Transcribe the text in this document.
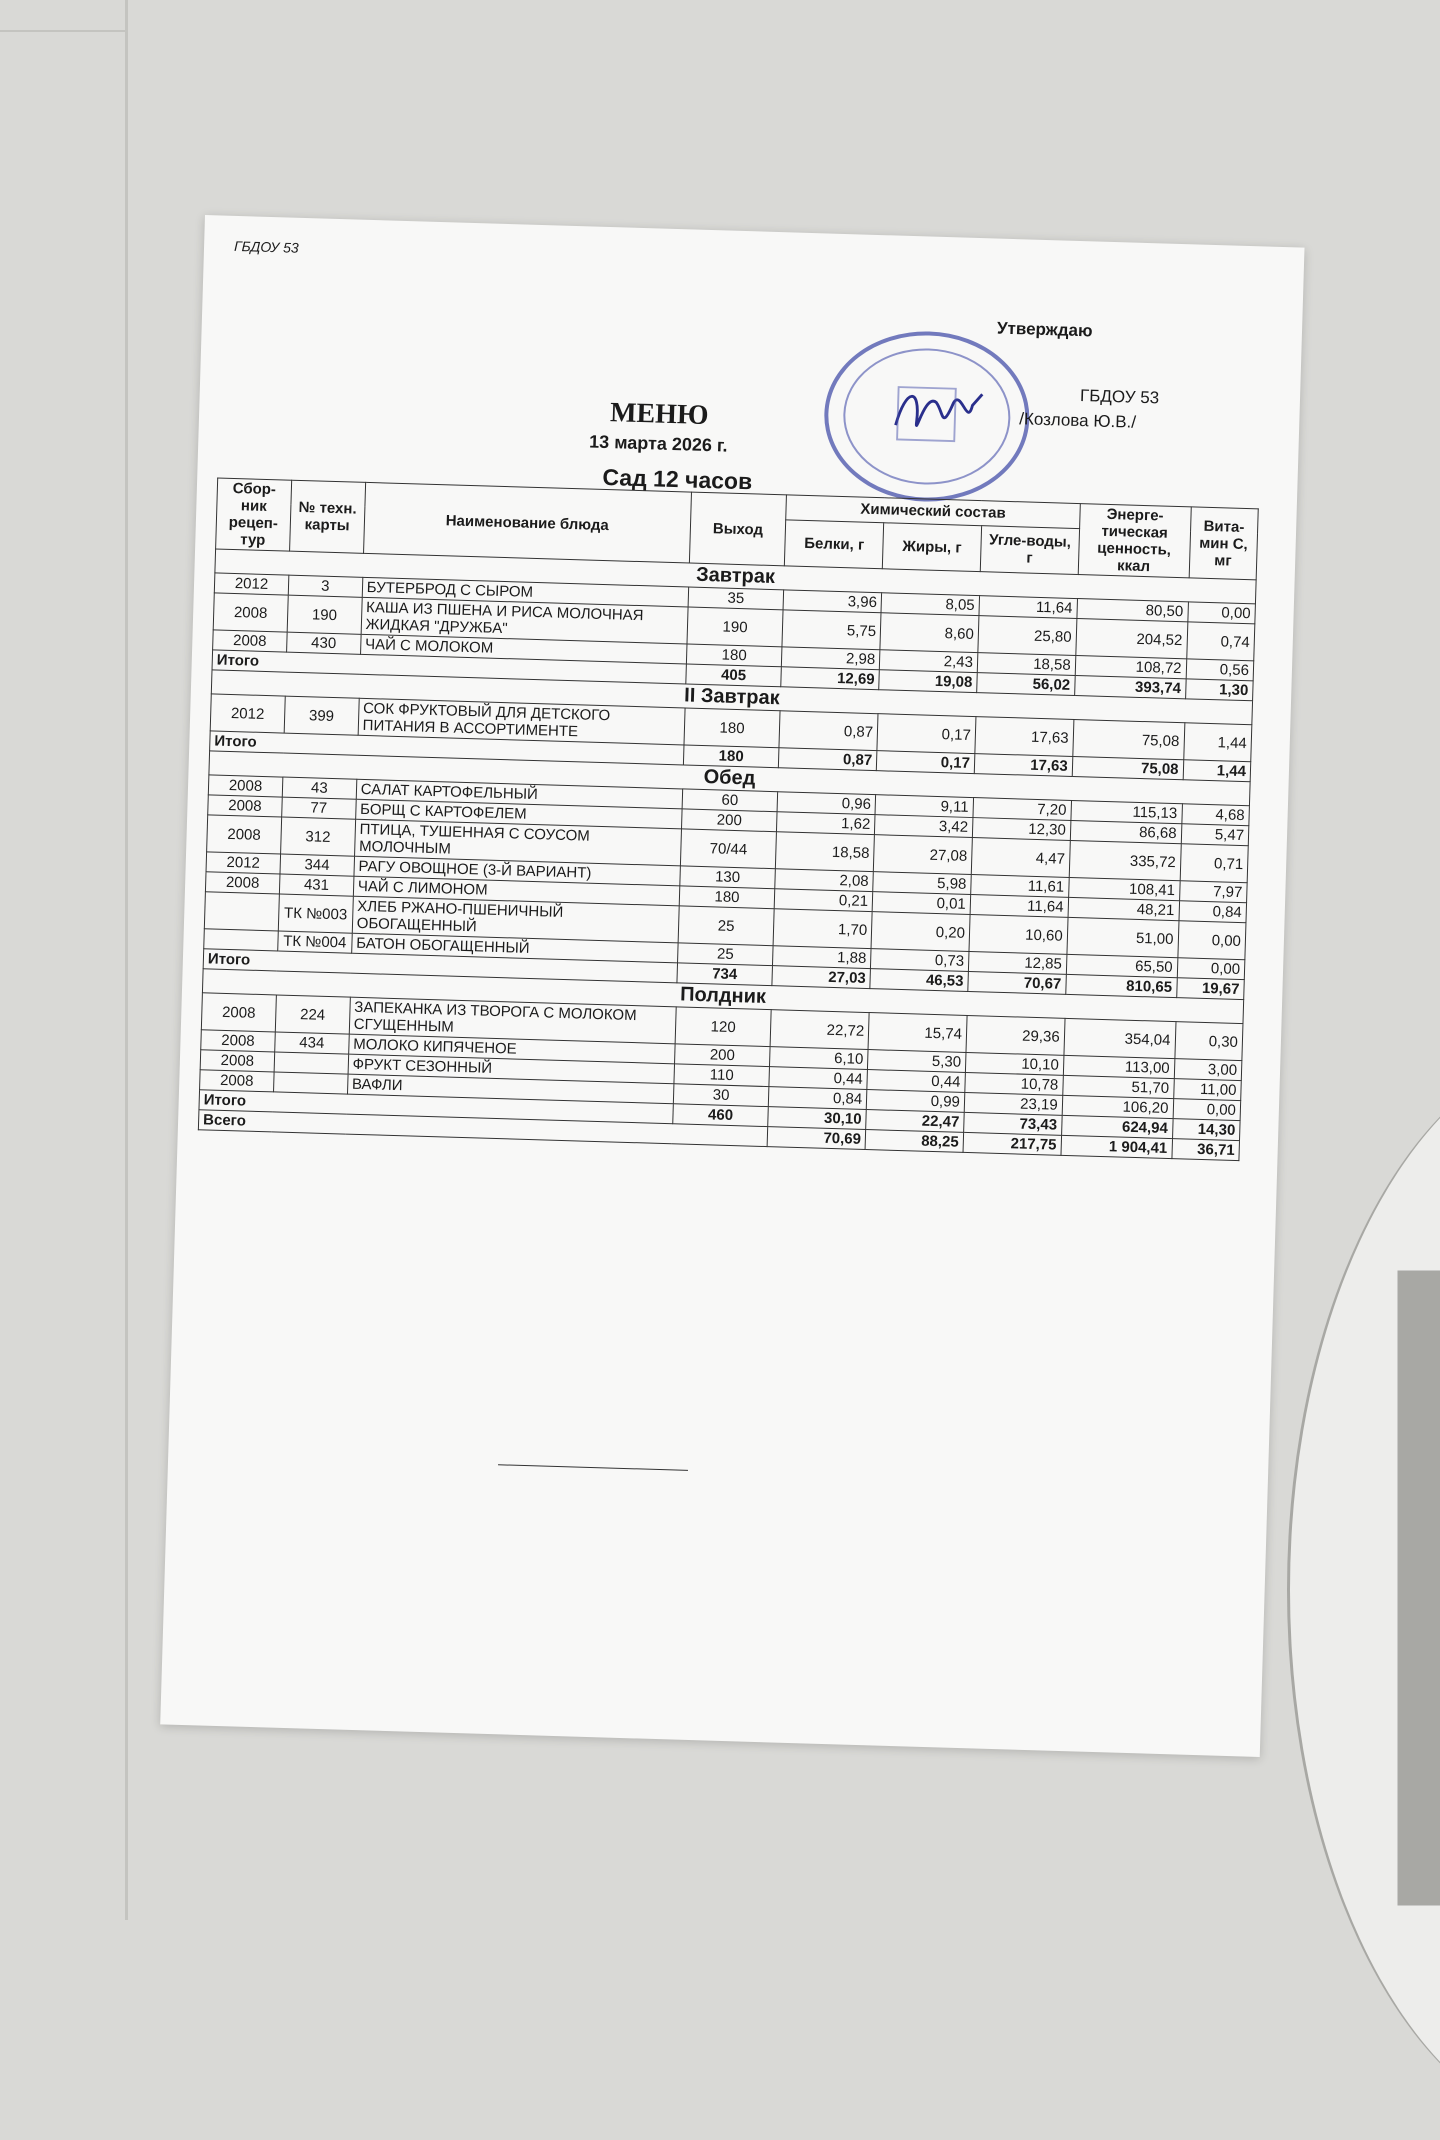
ГБДОУ 53
Утверждаю
ГБДОУ 53
/Козлова Ю.В./
МЕНЮ
13 марта 2026 г.
Сад 12 часов
Сбор-ник рецеп-тур	№ техн. карты	Наименование блюда	Выход	Химический состав			Энерге-тическая ценность, ккал	Вита-мин С, мг
				Белки, г	Жиры, г	Угле-воды, г		
Завтрак								
2012	3	БУТЕРБРОД С СЫРОМ	35	3,96	8,05	11,64	80,50	0,00
2008	190	КАША ИЗ ПШЕНА И РИСА МОЛОЧНАЯ ЖИДКАЯ "ДРУЖБА"	190	5,75	8,60	25,80	204,52	0,74
2008	430	ЧАЙ С МОЛОКОМ	180	2,98	2,43	18,58	108,72	0,56
Итого			405	12,69	19,08	56,02	393,74	1,30
II Завтрак								
2012	399	СОК ФРУКТОВЫЙ ДЛЯ ДЕТСКОГО ПИТАНИЯ В АССОРТИМЕНТЕ	180	0,87	0,17	17,63	75,08	1,44
Итого			180	0,87	0,17	17,63	75,08	1,44
Обед								
2008	43	САЛАТ КАРТОФЕЛЬНЫЙ	60	0,96	9,11	7,20	115,13	4,68
2008	77	БОРЩ С КАРТОФЕЛЕМ	200	1,62	3,42	12,30	86,68	5,47
2008	312	ПТИЦА, ТУШЕННАЯ С СОУСОМ МОЛОЧНЫМ	70/44	18,58	27,08	4,47	335,72	0,71
2012	344	РАГУ ОВОЩНОЕ (3-Й ВАРИАНТ)	130	2,08	5,98	11,61	108,41	7,97
2008	431	ЧАЙ С ЛИМОНОМ	180	0,21	0,01	11,64	48,21	0,84
	ТК №003	ХЛЕБ РЖАНО-ПШЕНИЧНЫЙ ОБОГАЩЕННЫЙ	25	1,70	0,20	10,60	51,00	0,00
	ТК №004	БАТОН ОБОГАЩЕННЫЙ	25	1,88	0,73	12,85	65,50	0,00
Итого			734	27,03	46,53	70,67	810,65	19,67
Полдник								
2008	224	ЗАПЕКАНКА ИЗ ТВОРОГА С МОЛОКОМ СГУЩЕННЫМ	120	22,72	15,74	29,36	354,04	0,30
2008	434	МОЛОКО КИПЯЧЕНОЕ	200	6,10	5,30	10,10	113,00	3,00
2008		ФРУКТ СЕЗОННЫЙ	110	0,44	0,44	10,78	51,70	11,00
2008		ВАФЛИ	30	0,84	0,99	23,19	106,20	0,00
Итого			460	30,10	22,47	73,43	624,94	14,30
Всего				70,69	88,25	217,75	1 904,41	36,71
